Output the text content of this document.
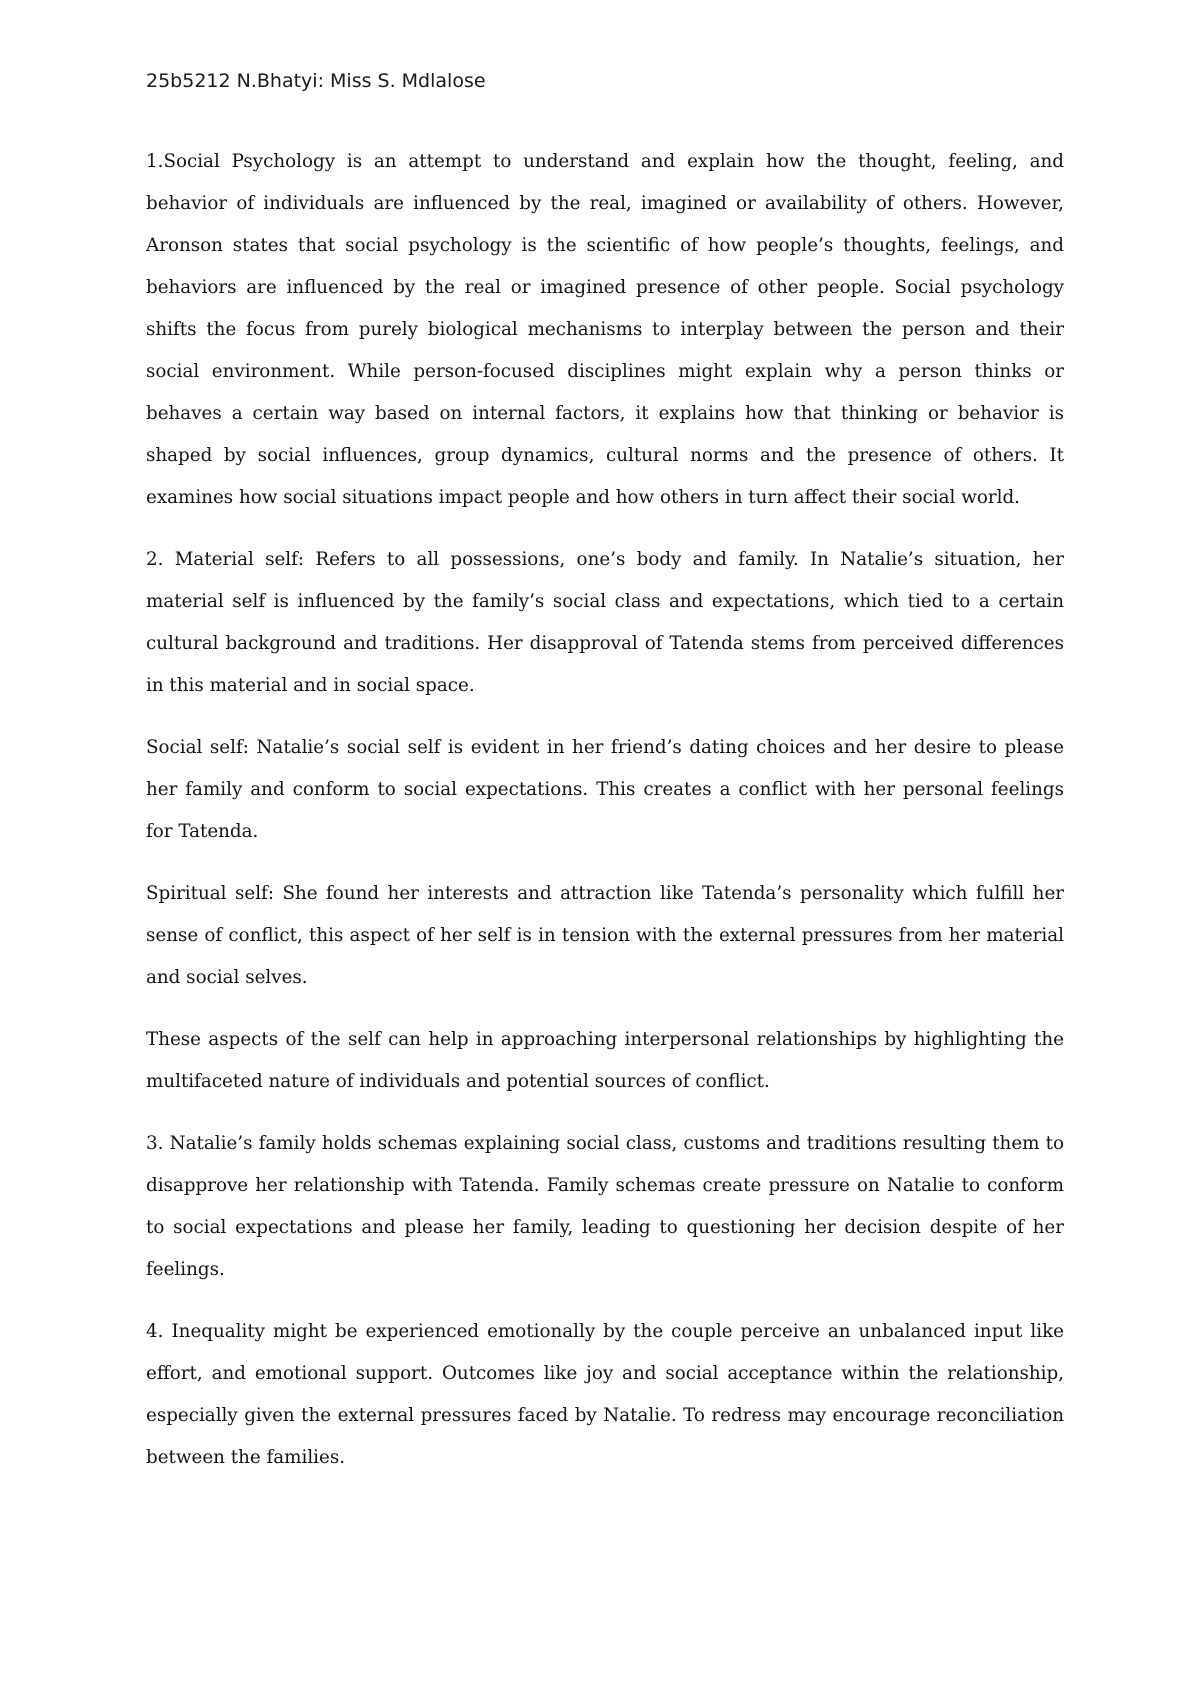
25b5212 N.Bhatyi: Miss S. Mdlalose

1.Social Psychology is an attempt to understand and explain how the thought, feeling, and behavior of individuals are influenced by the real, imagined or availability of others. However, Aronson states that social psychology is the scientific of how people’s thoughts, feelings, and behaviors are influenced by the real or imagined presence of other people. Social psychology shifts the focus from purely biological mechanisms to interplay between the person and their social environment. While person-focused disciplines might explain why a person thinks or behaves a certain way based on internal factors, it explains how that thinking or behavior is shaped by social influences, group dynamics, cultural norms and the presence of others. It examines how social situations impact people and how others in turn affect their social world.

2. Material self: Refers to all possessions, one’s body and family. In Natalie’s situation, her material self is influenced by the family’s social class and expectations, which tied to a certain cultural background and traditions. Her disapproval of Tatenda stems from perceived differences in this material and in social space.

Social self: Natalie’s social self is evident in her friend’s dating choices and her desire to please her family and conform to social expectations. This creates a conflict with her personal feelings for Tatenda.

Spiritual self: She found her interests and attraction like Tatenda’s personality which fulfill her sense of conflict, this aspect of her self is in tension with the external pressures from her material and social selves.

These aspects of the self can help in approaching interpersonal relationships by highlighting the multifaceted nature of individuals and potential sources of conflict.

3. Natalie’s family holds schemas explaining social class, customs and traditions resulting them to disapprove her relationship with Tatenda. Family schemas create pressure on Natalie to conform to social expectations and please her family, leading to questioning her decision despite of her feelings.

4. Inequality might be experienced emotionally by the couple perceive an unbalanced input like effort, and emotional support. Outcomes like joy and social acceptance within the relationship, especially given the external pressures faced by Natalie. To redress may encourage reconciliation between the families.
